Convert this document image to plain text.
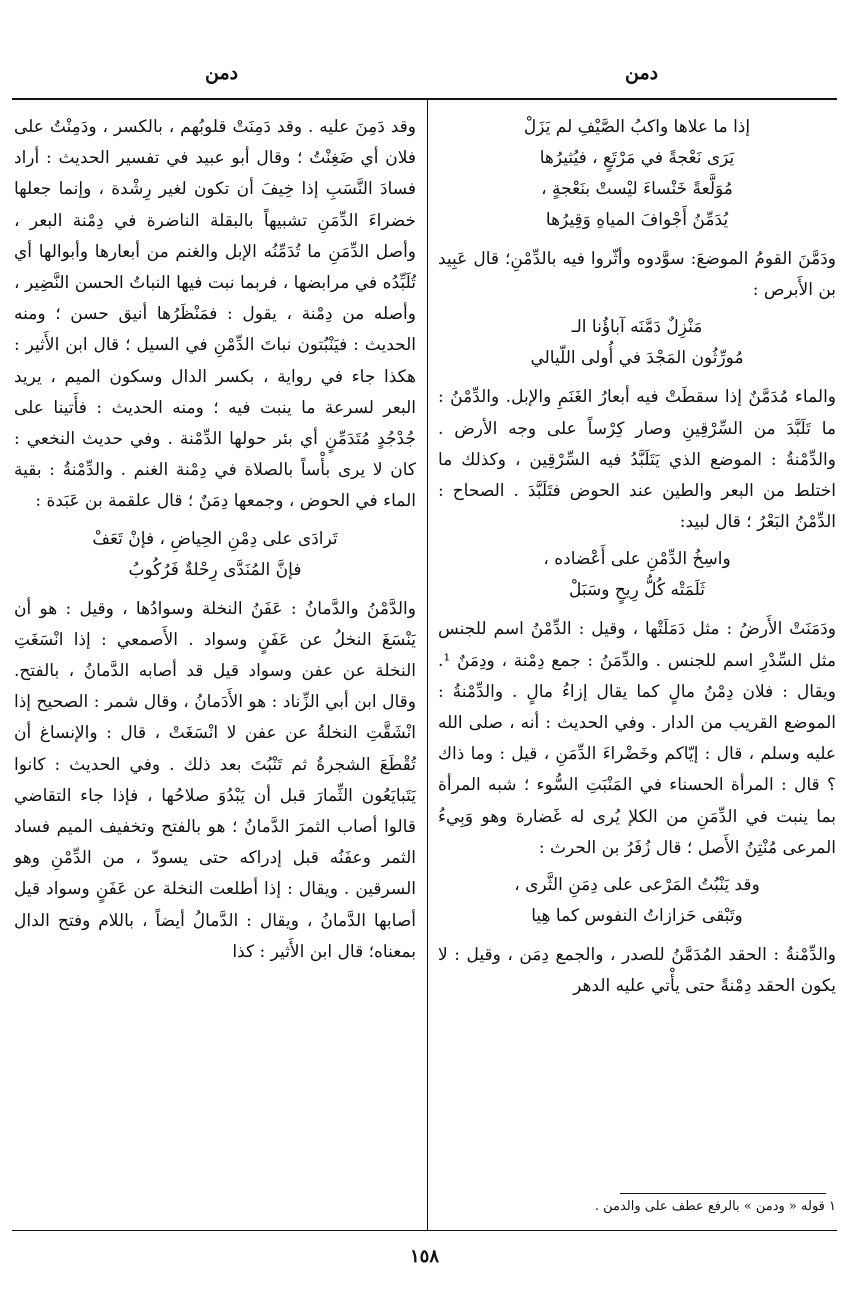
دمن	دمن

إذا ما علاها واكبُ الصَّيْفِ لم يَزَلْ

يَرَى نَعْجةً في مَرْتَعٍ ، فيُثيرُها

مُوَلَّعةً خَنْساءَ ليْستْ بنَعْجةٍ ،

يُدَمِّنُ أَجْوافَ المياهِ وَقِيرُها

ودَمَّنَ القومُ الموضعَ: سوَّدوه وأثّروا فيه بالدِّمْنِ؛ قال عَبِيد بن الأَبرص :

مَنْزِلٌ دَمَّنَه آباؤُنا الـ

مُورِّثُون المَجْدَ في أُولى اللّيالي

والماء مُدَمَّنٌ إذا سقطَتْ فيه أبعارُ الغَنَمِ والإبل. والدِّمْنُ : ما تَلَبَّدَ من السِّرْقِينِ وصار كِرْساً على وجه الأرض . والدِّمْنةُ : الموضع الذي يَتَلَبَّدُ فيه السِّرْقِين ، وكذلك ما اختلط من البعر والطين عند الحوض فتَلَبَّدَ . الصحاح : الدِّمْنُ البَعْرُ ؛ قال لبيد:

واسِخُ الدِّمْنِ على أَعْضاده ،

ثَلَمَتْه كُلُّ رِيحٍ وسَبَلْ

ودَمَنَتْ الأَرضُ : مثل دَمَلَتْها ، وقيل : الدِّمْنُ اسم للجنس مثل السِّدْرِ اسم للجنس . والدِّمَنُ : جمع دِمْنة ، ودِمَنٌ ¹. ويقال : فلان دِمْنُ مالٍ كما يقال إزاءُ مالٍ . والدِّمْنةُ : الموضع القريب من الدار . وفي الحديث : أنه ، صلى الله عليه وسلم ، قال : إيّاكم وخَضْراءَ الدِّمَنِ ، قيل : وما ذاك ؟ قال : المرأة الحسناء في المَنْبَتِ السُّوء ؛ شبه المرأة بما ينبت في الدِّمَنِ من الكلإ يُرى له غَضارة وهو وَبِيءُ المرعى مُنْتِنُ الأَصل ؛ قال زُفَرُ بن الحرث :

وقد يَنْبُتُ المَرْعى على دِمَنِ الثَّرى ،

وتَبْقى حَزازاتُ النفوس كما هِيا

والدِّمْنةُ : الحقد المُدَمَّنُ للصدر ، والجمع دِمَن ، وقيل : لا يكون الحقد دِمْنةً حتى يأْتي عليه الدهر

وقد دَمِنَ عليه . وقد دَمِنَتْ قلوبُهم ، بالكسر ، ودَمِنْتُ على فلان أي ضَغِنْتُ ؛ وقال أبو عبيد في تفسير الحديث : أراد فسادَ النَّسَبِ إذا خِيفَ أن تكون لغير رِشْدة ، وإنما جعلها خضراءَ الدِّمَنِ تشبيهاً بالبقلة الناضرة في دِمْنة البعر ، وأصل الدِّمَنِ ما تُدَمِّنُه الإبل والغنم من أبعارها وأبوالها أي تُلَبِّدُه في مرابضها ، فربما نبت فيها النباتُ الحسن النَّضِير ، وأصله من دِمْنة ، يقول : فمَنْظَرُها أنيق حسن ؛ ومنه الحديث : فيَنْبُتون نباتَ الدِّمْنِ في السيل ؛ قال ابن الأَثير : هكذا جاء في رواية ، بكسر الدال وسكون الميم ، يريد البعر لسرعة ما ينبت فيه ؛ ومنه الحديث : فأَتينا على جُدْجُدٍ مُتَدَمِّنٍ أي بئر حولها الدِّمْنة . وفي حديث النخعي : كان لا يرى بأْساً بالصلاة في دِمْنة الغنم . والدِّمْنةُ : بقية الماء في الحوض ، وجمعها دِمَنٌ ؛ قال علقمة بن عَبَدة :

تَرادَى على دِمْنِ الحِياضِ ، فإنْ تَعَفْ

فإنَّ المُنَدَّى رِحْلةٌ فَرُكُوبُ

والدَّمْنُ والدَّمانُ : عَفَنُ النخلة وسوادُها ، وقيل : هو أن يَنْسَغَ النخلُ عن عَفَنٍ وسواد . الأَصمعي : إذا انْسَغَتِ النخلة عن عفن وسواد قيل قد أصابه الدَّمانُ ، بالفتح. وقال ابن أبي الزِّناد : هو الأَدَمانُ ، وقال شمر : الصحيح إذا انْشَقَّتِ النخلةُ عن عفن لا انْسَغَتْ ، قال : والإنساغ أن تُقْطَعَ الشجرةُ ثم تَنْبُتَ بعد ذلك . وفي الحديث : كانوا يَتَبايَعُون الثِّمارَ قبل أن يَبْدُوَ صلاحُها ، فإذا جاء التقاضي قالوا أصاب الثمرَ الدَّمانُ ؛ هو بالفتح وتخفيف الميم فساد الثمر وعفَنُه قبل إدراكه حتى يسودّ ، من الدِّمْنِ وهو السرقين . ويقال : إذا أطلعت النخلة عن عَفَنٍ وسواد قيل أصابها الدَّمانُ ، ويقال : الدَّمالُ أيضاً ، باللام وفتح الدال بمعناه؛ قال ابن الأَثير : كذا

١ قوله « ودمن » بالرفع عطف على والدمن .
١٥٨
